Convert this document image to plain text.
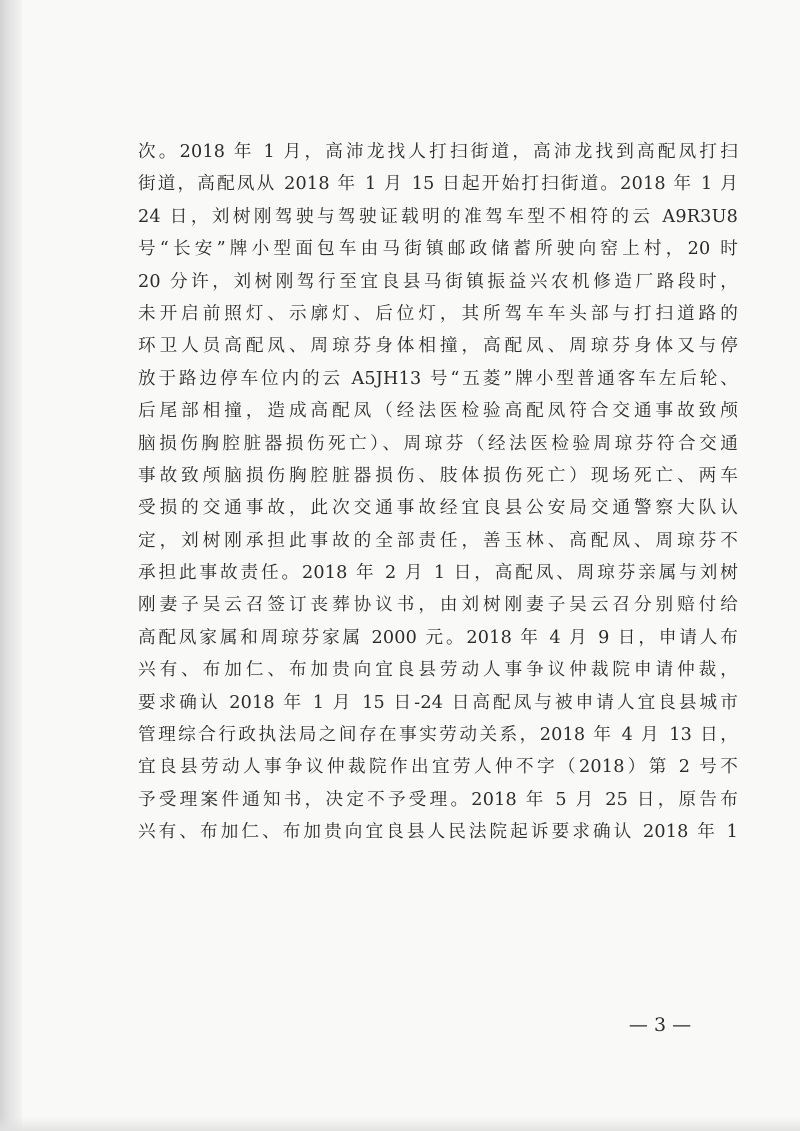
次。2018 年 1 月，高沛龙找人打扫街道，高沛龙找到高配凤打扫
街道，高配凤从 2018 年 1 月 15 日起开始打扫街道。2018 年 1 月
24 日，刘树刚驾驶与驾驶证载明的准驾车型不相符的云 A9R3U8
号“长安”牌小型面包车由马街镇邮政储蓄所驶向窑上村，20 时
20 分许，刘树刚驾行至宜良县马街镇振益兴农机修造厂路段时，
未开启前照灯、示廓灯、后位灯，其所驾车车头部与打扫道路的
环卫人员高配凤、周琼芬身体相撞，高配凤、周琼芬身体又与停
放于路边停车位内的云 A5JH13 号“五菱”牌小型普通客车左后轮、
后尾部相撞，造成高配凤（经法医检验高配凤符合交通事故致颅
脑损伤胸腔脏器损伤死亡）、周琼芬（经法医检验周琼芬符合交通
事故致颅脑损伤胸腔脏器损伤、肢体损伤死亡）现场死亡、两车
受损的交通事故，此次交通事故经宜良县公安局交通警察大队认
定，刘树刚承担此事故的全部责任，善玉林、高配凤、周琼芬不
承担此事故责任。2018 年 2 月 1 日，高配凤、周琼芬亲属与刘树
刚妻子吴云召签订丧葬协议书，由刘树刚妻子吴云召分别赔付给
高配凤家属和周琼芬家属 2000 元。2018 年 4 月 9 日，申请人布
兴有、布加仁、布加贵向宜良县劳动人事争议仲裁院申请仲裁，
要求确认 2018 年 1 月 15 日-24 日高配凤与被申请人宜良县城市
管理综合行政执法局之间存在事实劳动关系，2018 年 4 月 13 日，
宜良县劳动人事争议仲裁院作出宜劳人仲不字（2018）第 2 号不
予受理案件通知书，决定不予受理。2018 年 5 月 25 日，原告布
兴有、布加仁、布加贵向宜良县人民法院起诉要求确认 2018 年 1
— 3 —
